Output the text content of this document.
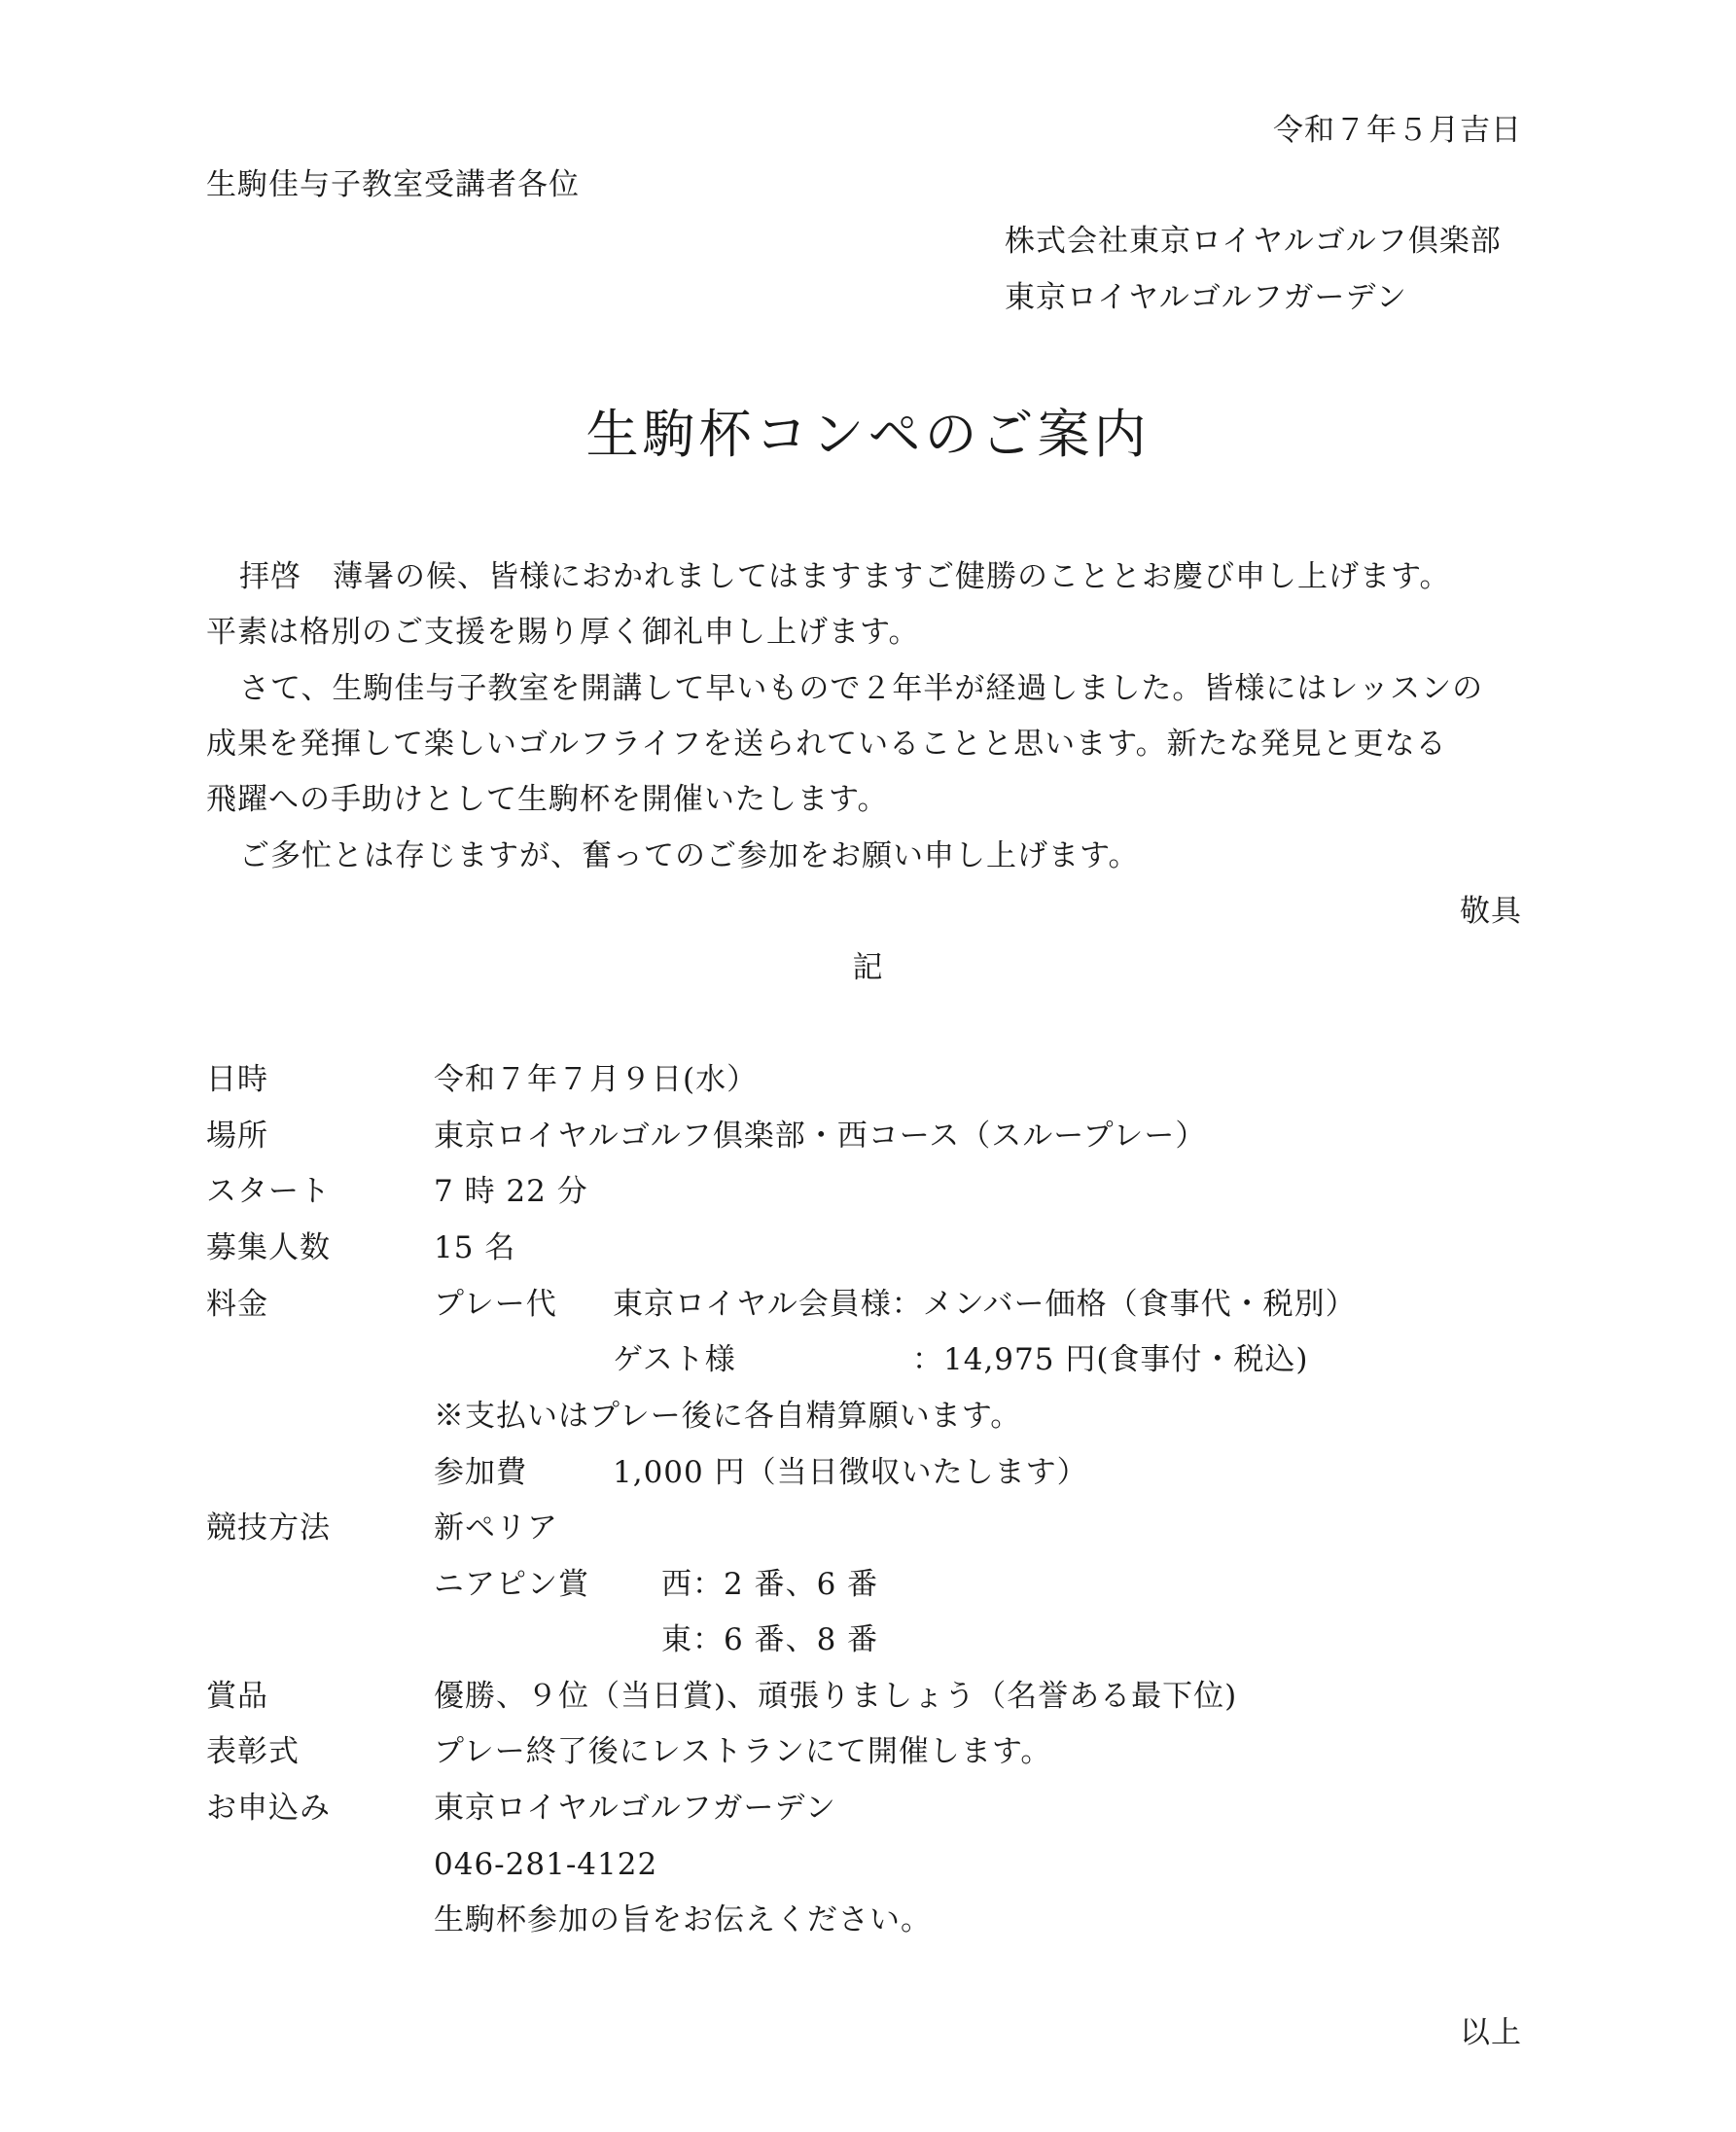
令和７年５月吉日
生駒佳与子教室受講者各位
株式会社東京ロイヤルゴルフ倶楽部
東京ロイヤルゴルフガーデン
生駒杯コンペのご案内
拝啓　薄暑の候、皆様におかれましてはますますご健勝のこととお慶び申し上げます。
平素は格別のご支援を賜り厚く御礼申し上げます。
さて、生駒佳与子教室を開講して早いもので２年半が経過しました。皆様にはレッスンの
成果を発揮して楽しいゴルフライフを送られていることと思います。新たな発見と更なる
飛躍への手助けとして生駒杯を開催いたします。
ご多忙とは存じますが、奮ってのご参加をお願い申し上げます。
敬具
記
日時	令和７年７月９日(水）
場所	東京ロイヤルゴルフ倶楽部・西コース（スループレー）
スタート	7 時 22 分
募集人数	15 名
料金	プレー代 東京ロイヤル会員様：メンバー価格（食事代・税別）
ゲスト様	：14,975 円(食事付・税込)
※支払いはプレー後に各自精算願います。
参加費	1,000 円（当日徴収いたします）
競技方法	新ペリア
ニアピン賞 西：2 番、6 番
東：6 番、8 番
賞品	優勝、９位（当日賞)、頑張りましょう（名誉ある最下位)
表彰式	プレー終了後にレストランにて開催します。
お申込み	東京ロイヤルゴルフガーデン
046-281-4122
生駒杯参加の旨をお伝えください。
以上
